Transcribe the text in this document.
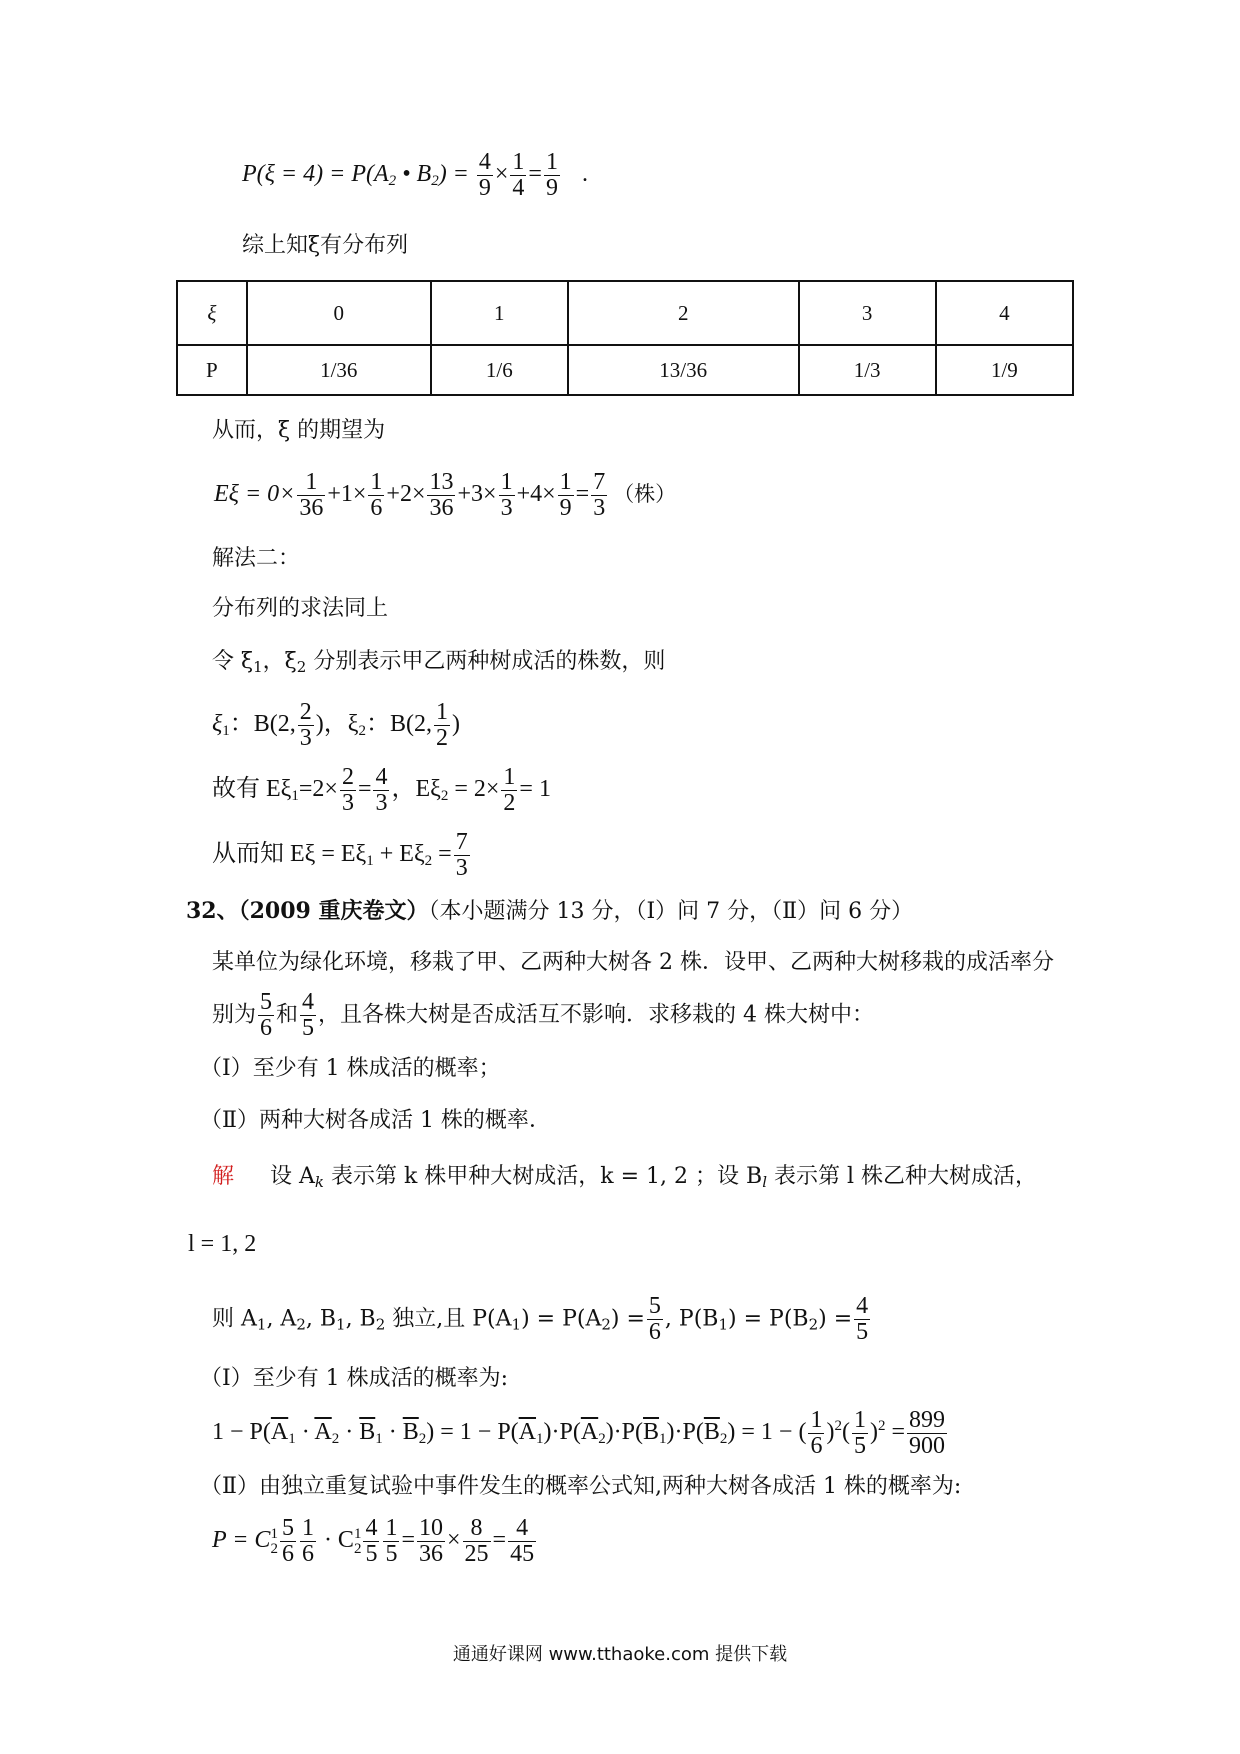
$P(\xi = 4) = P(A_2$ • $B_2) = \frac{4}{9} \times \frac{1}{4} = \frac{1}{9}$ .
综上知ξ有分布列
ξ	0	1	2	3	4
P	1/36	1/6	13/36	1/3	1/9
从而，ξ 的期望为
$E\xi = 0\times \frac{1}{36} +1\times \frac{1}{6} +2\times \frac{13}{36} +3\times \frac{1}{3} +4\times \frac{1}{9} = \frac{7}{3}$ （株）
解法二：
分布列的求法同上
令 $\xi_1$，$\xi_2$ 分别表示甲乙两种树成活的株数，则
$\xi_1$：B(2, $\frac{2}{3}$ )，$\xi_2$：B(2, $\frac{1}{2}$ )
故有 $E\xi_1=2\times \frac{2}{3} = \frac{4}{3}$ ，$E\xi_2 = 2\times \frac{1}{2} = 1$
从而知 $E\xi = E\xi_1 + E\xi_2 = \frac{7}{3}$
32、（2009 重庆卷文）（本小题满分 13 分，（Ⅰ）问 7 分，（Ⅱ）问 6 分）
某单位为绿化环境，移栽了甲、乙两种大树各 2 株．设甲、乙两种大树移栽的成活率分
别为 $\frac{5}{6}$ 和 $\frac{4}{5}$ ，且各株大树是否成活互不影响．求移栽的 4 株大树中：
（Ⅰ）至少有 1 株成活的概率；
（Ⅱ）两种大树各成活 1 株的概率．
解 设 $A_k$ 表示第 k 株甲种大树成活，k = 1, 2 ；设 $B_l$ 表示第 l 株乙种大树成活，
l = 1, 2
则 $A_1$, $A_2$, $B_1$, $B_2$ 独立,且 $P(A_1) = P(A_2) = \frac{5}{6}$ , $P(B_1) = P(B_2) = \frac{4}{5}$
（Ⅰ）至少有 1 株成活的概率为:
$1 - P(\overline{A}_1 \cdot \overline{A}_2 \cdot \overline{B}_1 \cdot \overline{B}_2) = 1 - P(\overline{A}_1)\cdot P(\overline{A}_2)\cdot P(\overline{B}_1)\cdot P(\overline{B}_2) = 1$ − ( $\frac{1}{6} )^2( \frac{1}{5} )^2 = \frac{899}{900}$
（Ⅱ）由独立重复试验中事件发生的概率公式知,两种大树各成活 1 株的概率为:
P = C 1
$2 \frac{5}{6} \frac{1}{6} \cdot C$ 1
$2 \frac{4}{5} \frac{1}{5} = \frac{10}{36} \times \frac{8}{25} = \frac{4}{45}$
通通好课网 www.tthaoke.com 提供下载
